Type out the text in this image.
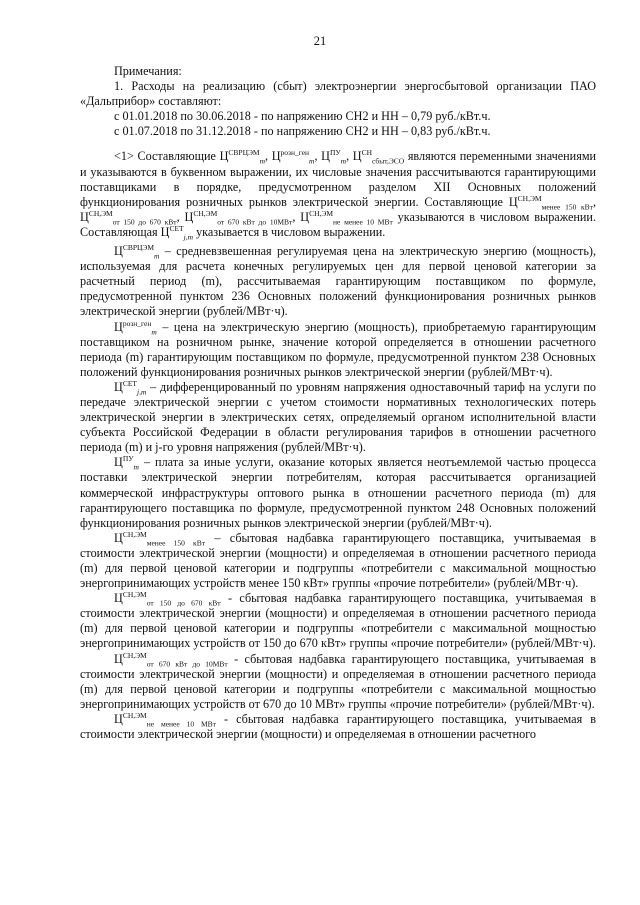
21

Примечания:

1. Расходы на реализацию (сбыт) электроэнергии энергосбытовой организации ПАО «Дальприбор» составляют:

с 01.01.2018 по 30.06.2018 - по напряжению СН2 и НН – 0,79 руб./кВт.ч.

с 01.07.2018 по 31.12.2018 - по напряжению СН2 и НН – 0,83 руб./кВт.ч.

<1> Составляющие $Ц^{СВРЦЭМ}_m$, $Ц^{розн\_ген}_m$, $Ц^{ПУ}_m$, $Ц^{СН}_{сбыт,ЭСО}$ являются переменными значениями и указываются в буквенном выражении, их числовые значения рассчитываются гарантирующими поставщиками в порядке, предусмотренном разделом XII Основных положений функционирования розничных рынков электрической энергии. Составляющие $Ц^{СН,ЭМ}_{менее 150 кВт}$, $Ц^{СН,ЭМ}_{от 150 до 670 кВт}$, $Ц^{СН,ЭМ}_{от 670 кВт до 10МВт}$, $Ц^{СН,ЭМ}_{не менее 10 МВт}$ указываются в числовом выражении. Составляющая $Ц^{СЕТ}_{j,m}$ указывается в числовом выражении.

$Ц^{СВРЦЭМ}_m$ – средневзвешенная регулируемая цена на электрическую энергию (мощность), используемая для расчета конечных регулируемых цен для первой ценовой категории за расчетный период (m), рассчитываемая гарантирующим поставщиком по формуле, предусмотренной пунктом 236 Основных положений функционирования розничных рынков электрической энергии (рублей/МВт·ч).

$Ц^{розн\_ген}_m$ – цена на электрическую энергию (мощность), приобретаемую гарантирующим поставщиком на розничном рынке, значение которой определяется в отношении расчетного периода (m) гарантирующим поставщиком по формуле, предусмотренной пунктом 238 Основных положений функционирования розничных рынков электрической энергии (рублей/МВт·ч).

$Ц^{СЕТ}_{j,m}$ – дифференцированный по уровням напряжения одноставочный тариф на услуги по передаче электрической энергии с учетом стоимости нормативных технологических потерь электрической энергии в электрических сетях, определяемый органом исполнительной власти субъекта Российской Федерации в области регулирования тарифов в отношении расчетного периода (m) и j-го уровня напряжения (рублей/МВт·ч).

$Ц^{ПУ}_m$ – плата за иные услуги, оказание которых является неотъемлемой частью процесса поставки электрической энергии потребителям, которая рассчитывается организацией коммерческой инфраструктуры оптового рынка в отношении расчетного периода (m) для гарантирующего поставщика по формуле, предусмотренной пунктом 248 Основных положений функционирования розничных рынков электрической энергии (рублей/МВт·ч).

$Ц^{СН,ЭМ}_{менее 150 кВт}$ – сбытовая надбавка гарантирующего поставщика, учитываемая в стоимости электрической энергии (мощности) и определяемая в отношении расчетного периода (m) для первой ценовой категории и подгруппы «потребители с максимальной мощностью энергопринимающих устройств менее 150 кВт» группы «прочие потребители» (рублей/МВт·ч).

$Ц^{СН,ЭМ}_{от 150 до 670 кВт}$ - сбытовая надбавка гарантирующего поставщика, учитываемая в стоимости электрической энергии (мощности) и определяемая в отношении расчетного периода (m) для первой ценовой категории и подгруппы «потребители с максимальной мощностью энергопринимающих устройств от 150 до 670 кВт» группы «прочие потребители» (рублей/МВт·ч).

$Ц^{СН,ЭМ}_{от 670 кВт до 10МВт}$ - сбытовая надбавка гарантирующего поставщика, учитываемая в стоимости электрической энергии (мощности) и определяемая в отношении расчетного периода (m) для первой ценовой категории и подгруппы «потребители с максимальной мощностью энергопринимающих устройств от 670 до 10 МВт» группы «прочие потребители» (рублей/МВт·ч).

$Ц^{СН,ЭМ}_{не менее 10 МВт}$ - сбытовая надбавка гарантирующего поставщика, учитываемая в стоимости электрической энергии (мощности) и определяемая в отношении расчетного
